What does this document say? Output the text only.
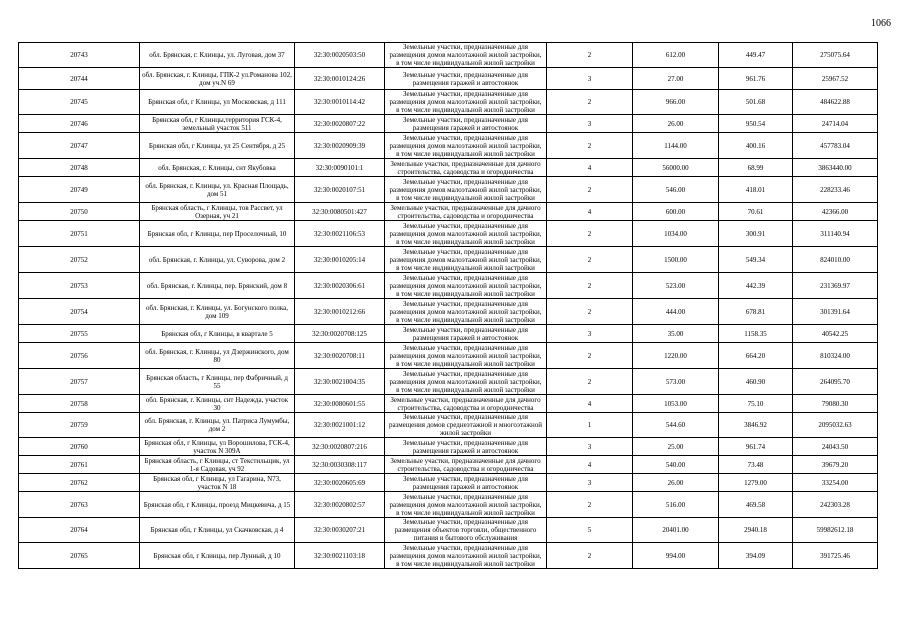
1066
20743	обл. Брянская, г. Клинцы, ул. Луговая, дом 37	32:30:0020503:50	Земельные участки, предназначенные для размещения домов малоэтажной жилой застройки, в том числе индивидуальной жилой застройки	2	612.00	449.47	275075.64
20744	обл. Брянская, г. Клинцы, ГПК-2 ул.Романова 102, дом уч.N 69	32:30:0010124:26	Земельные участки, предназначенные для размещения гаражей и автостоянок	3	27.00	961.76	25967.52
20745	Брянская обл, г Клинцы, ул Московская, д 111	32:30:0010114:42	Земельные участки, предназначенные для размещения домов малоэтажной жилой застройки, в том числе индивидуальной жилой застройки	2	966.00	501.68	484622.88
20746	Брянская обл, г Клинцы,территория ГСК-4, земельный участок 511	32:30:0020807:22	Земельные участки, предназначенные для размещения гаражей и автостоянок	3	26.00	950.54	24714.04
20747	Брянская обл, г Клинцы, ул 25 Сентября, д 25	32:30:0020909:39	Земельные участки, предназначенные для размещения домов малоэтажной жилой застройки, в том числе индивидуальной жилой застройки	2	1144.00	400.16	457783.04
20748	обл. Брянская, г. Клинцы, снт Якубовка	32:30:0090101:1	Земельные участки, предназначенные для дачного строительства, садоводства и огородничества	4	56000.00	68.99	3863440.00
20749	обл. Брянская, г. Клинцы, ул. Красная Площадь, дом 51	32:30:0020107:51	Земельные участки, предназначенные для размещения домов малоэтажной жилой застройки, в том числе индивидуальной жилой застройки	2	546.00	418.01	228233.46
20750	Брянская область, г Клинцы, тов Рассвет, ул Озерная, уч 21	32:30:0080501:427	Земельные участки, предназначенные для дачного строительства, садоводства и огородничества	4	600.00	70.61	42366.00
20751	Брянская обл, г Клинцы, пер Проселочный, 10	32:30:0021106:53	Земельные участки, предназначенные для размещения домов малоэтажной жилой застройки, в том числе индивидуальной жилой застройки	2	1034.00	300.91	311140.94
20752	обл. Брянская, г. Клинцы, ул. Суворова, дом 2	32:30:0010205:14	Земельные участки, предназначенные для размещения домов малоэтажной жилой застройки, в том числе индивидуальной жилой застройки	2	1500.00	549.34	824010.00
20753	обл. Брянская, г. Клинцы, пер. Брянский, дом 8	32:30:0020306:61	Земельные участки, предназначенные для размещения домов малоэтажной жилой застройки, в том числе индивидуальной жилой застройки	2	523.00	442.39	231369.97
20754	обл. Брянская, г. Клинцы, ул. Богунского полка, дом 109	32:30:0010212:66	Земельные участки, предназначенные для размещения домов малоэтажной жилой застройки, в том числе индивидуальной жилой застройки	2	444.00	678.81	301391.64
20755	Брянская обл, г Клинцы, в квартале 5	32:30:0020708:125	Земельные участки, предназначенные для размещения гаражей и автостоянок	3	35.00	1158.35	40542.25
20756	обл. Брянская, г. Клинцы, ул Дзержинского, дом 80	32:30:0020708:11	Земельные участки, предназначенные для размещения домов малоэтажной жилой застройки, в том числе индивидуальной жилой застройки	2	1220.00	664.20	810324.00
20757	Брянская область, г Клинцы, пер Фабричный, д 55	32:30:0021004:35	Земельные участки, предназначенные для размещения домов малоэтажной жилой застройки, в том числе индивидуальной жилой застройки	2	573.00	460.90	264095.70
20758	обл. Брянская, г. Клинцы, снт Надежда, участок 30	32:30:0080601:55	Земельные участки, предназначенные для дачного строительства, садоводства и огородничества	4	1053.00	75.10	79080.30
20759	обл. Брянская, г. Клинцы, ул. Патриса Лумумбы, дом 2	32:30:0021001:12	Земельные участки, предназначенные для размещения домов среднеэтажной и многоэтажной жилой застройки	1	544.60	3846.92	2095032.63
20760	Брянская обл, г Клинцы, ул Ворошилова, ГСК-4, участок N 309А	32:30:0020807:216	Земельные участки, предназначенные для размещения гаражей и автостоянок	3	25.00	961.74	24043.50
20761	Брянская область, г Клинцы, ст Текстильщик, ул 1-я Садовая, уч 92	32:30:0030308:117	Земельные участки, предназначенные для дачного строительства, садоводства и огородничества	4	540.00	73.48	39679.20
20762	Брянская обл, г Клинцы, ул Гагарина, N73, участок N 18	32:30:0020605:69	Земельные участки, предназначенные для размещения гаражей и автостоянок	3	26.00	1279.00	33254.00
20763	Брянская обл, г Клинцы, проезд Мицкевича, д 15	32:30:0020802:57	Земельные участки, предназначенные для размещения домов малоэтажной жилой застройки, в том числе индивидуальной жилой застройки	2	516.00	469.58	242303.28
20764	Брянская обл, г Клинцы, ул Скачковская, д 4	32:30:0030207:21	Земельные участки, предназначенные для размещения объектов торговли, общественного питания и бытового обслуживания	5	20401.00	2940.18	59982612.18
20765	Брянская обл, г Клинцы, пер Лунный, д 10	32:30:0021103:18	Земельные участки, предназначенные для размещения домов малоэтажной жилой застройки, в том числе индивидуальной жилой застройки	2	994.00	394.09	391725.46
